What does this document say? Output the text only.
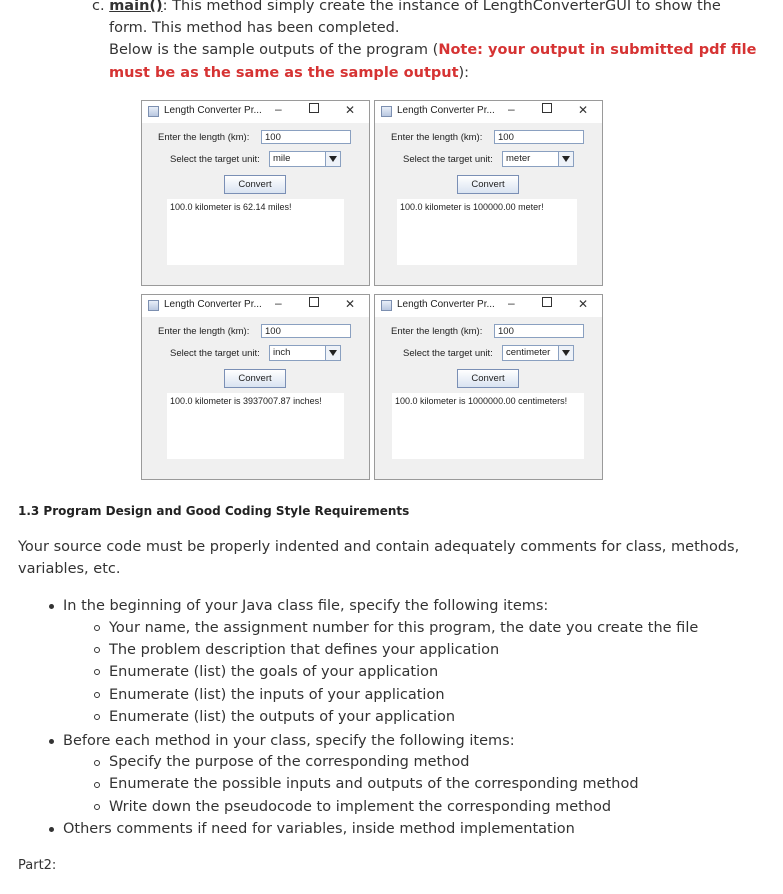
c. main(): This method simply create the instance of LengthConverterGUI to show the
form. This method has been completed.
Below is the sample outputs of the program (Note: your output in submitted pdf file
must be as the same as the sample output):
Length Converter Pr... –	✕
Enter the length (km):	100
Select the target unit:	mile
Convert
100.0 kilometer is 62.14 miles!
Length Converter Pr... –	✕
Enter the length (km):	100
Select the target unit:	meter
Convert
100.0 kilometer is 100000.00 meter!
Length Converter Pr... –	✕
Enter the length (km):	100
Select the target unit:	inch
Convert
100.0 kilometer is 3937007.87 inches!
Length Converter Pr... –	✕
Enter the length (km):	100
Select the target unit:	centimeter
Convert
100.0 kilometer is 1000000.00 centimeters!
1.3 Program Design and Good Coding Style Requirements
Your source code must be properly indented and contain adequately comments for class, methods,
variables, etc.
In the beginning of your Java class file, specify the following items:
Your name, the assignment number for this program, the date you create the file
The problem description that defines your application
Enumerate (list) the goals of your application
Enumerate (list) the inputs of your application
Enumerate (list) the outputs of your application
Before each method in your class, specify the following items:
Specify the purpose of the corresponding method
Enumerate the possible inputs and outputs of the corresponding method
Write down the pseudocode to implement the corresponding method
Others comments if need for variables, inside method implementation
Part2:
